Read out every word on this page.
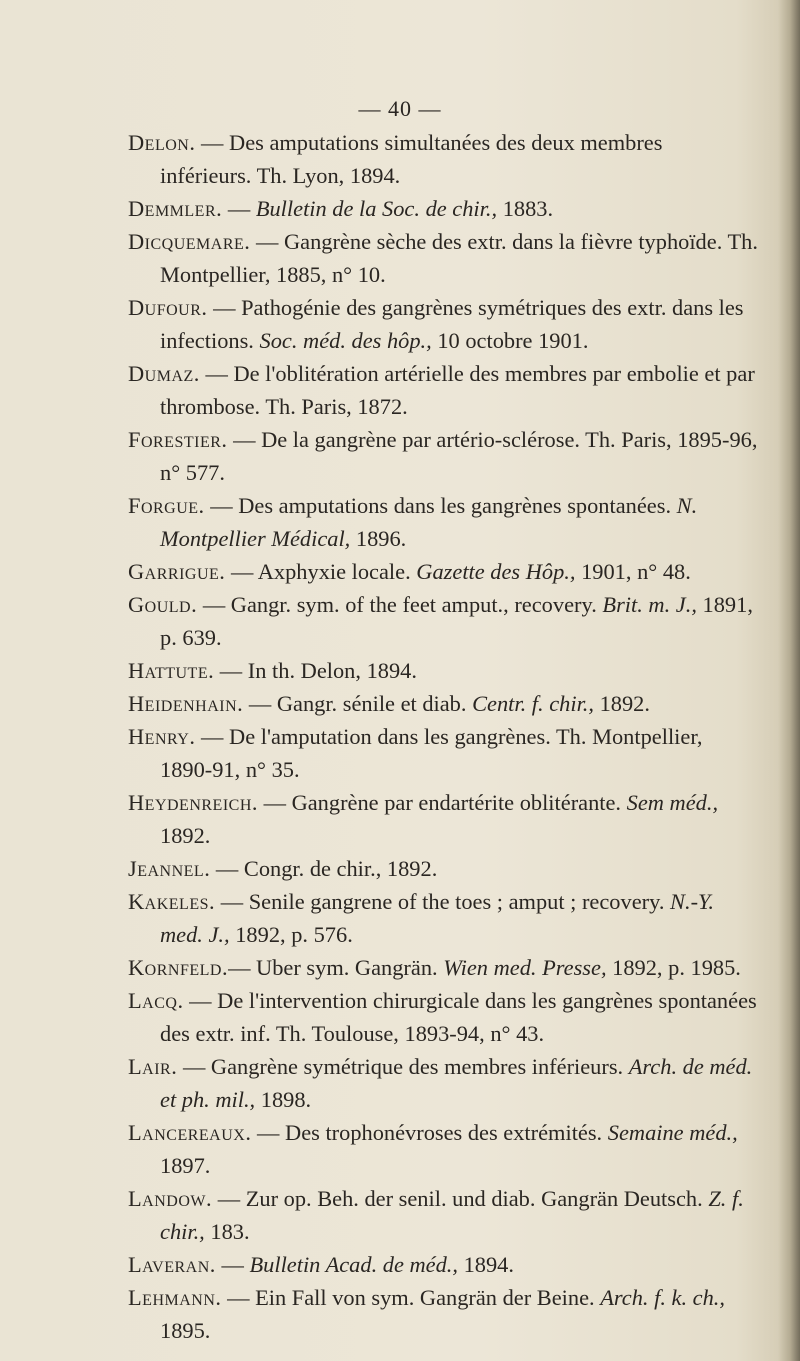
— 40 —

Delon. — Des amputations simultanées des deux membres inférieurs. Th. Lyon, 1894.

Demmler. — Bulletin de la Soc. de chir., 1883.

Dicquemare. — Gangrène sèche des extr. dans la fièvre typhoïde. Th. Montpellier, 1885, n° 10.

Dufour. — Pathogénie des gangrènes symétriques des extr. dans les infections. Soc. méd. des hôp., 10 octobre 1901.

Dumaz. — De l'oblitération artérielle des membres par embolie et par thrombose. Th. Paris, 1872.

Forestier. — De la gangrène par artério-sclérose. Th. Paris, 1895-96, n° 577.

Forgue. — Des amputations dans les gangrènes spontanées. N. Montpellier Médical, 1896.

Garrigue. — Axphyxie locale. Gazette des Hôp., 1901, n° 48.

Gould. — Gangr. sym. of the feet amput., recovery. Brit. m. J., 1891, p. 639.

Hattute. — In th. Delon, 1894.

Heidenhain. — Gangr. sénile et diab. Centr. f. chir., 1892.

Henry. — De l'amputation dans les gangrènes. Th. Montpellier, 1890-91, n° 35.

Heydenreich. — Gangrène par endartérite oblitérante. Sem méd., 1892.

Jeannel. — Congr. de chir., 1892.

Kakeles. — Senile gangrene of the toes ; amput ; recovery. N.-Y. med. J., 1892, p. 576.

Kornfeld.— Uber sym. Gangrän. Wien med. Presse, 1892, p. 1985.

Lacq. — De l'intervention chirurgicale dans les gangrènes spontanées des extr. inf. Th. Toulouse, 1893-94, n° 43.

Lair. — Gangrène symétrique des membres inférieurs. Arch. de méd. et ph. mil., 1898.

Lancereaux. — Des trophonévroses des extrémités. Semaine méd., 1897.

Landow. — Zur op. Beh. der senil. und diab. Gangrän Deutsch. Z. f. chir., 183.

Laveran. — Bulletin Acad. de méd., 1894.

Lehmann. — Ein Fall von sym. Gangrän der Beine. Arch. f. k. ch., 1895.
